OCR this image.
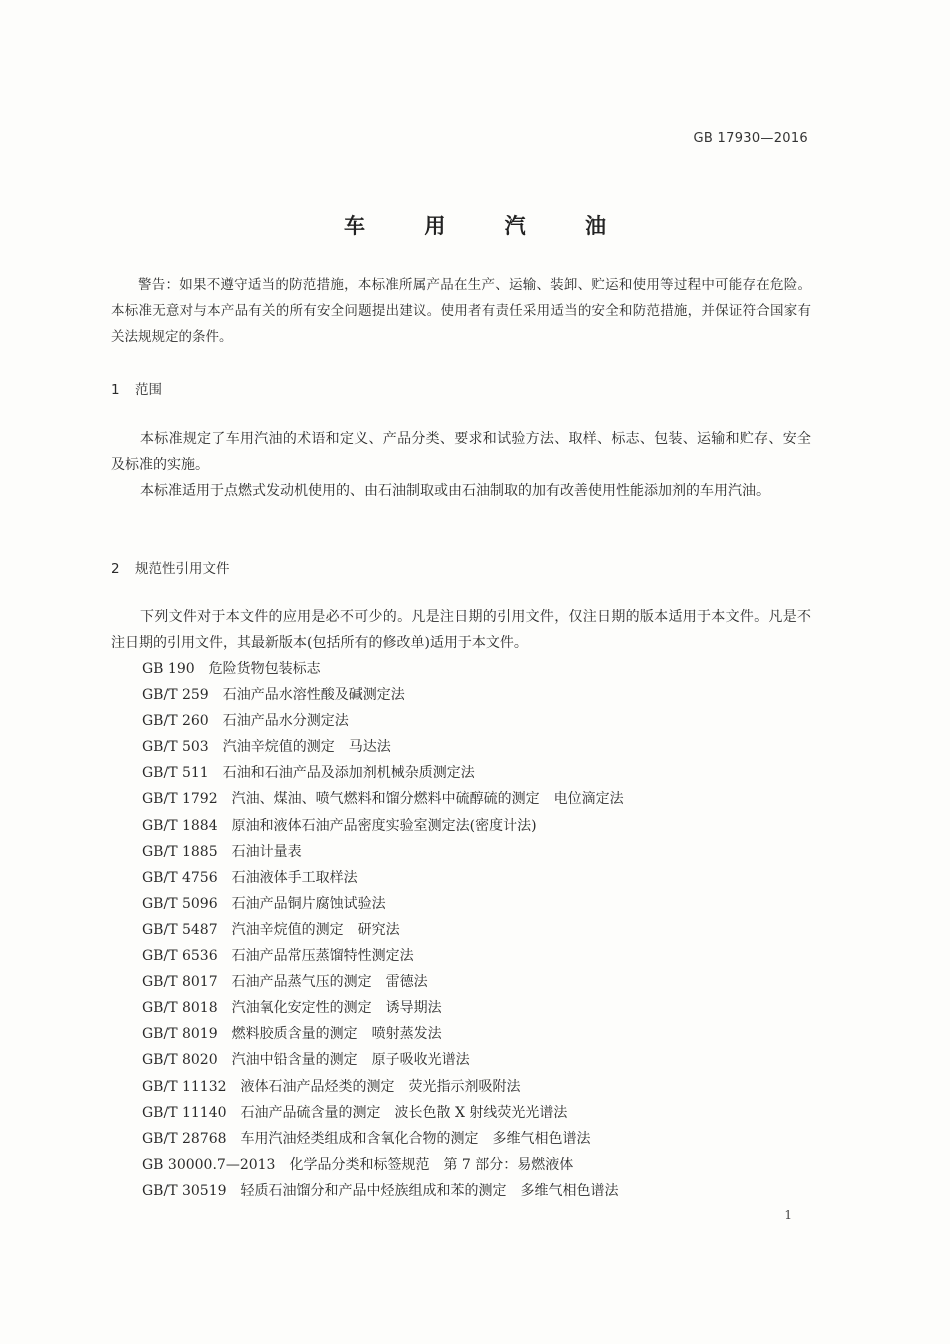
GB 17930—2016
车 用 汽 油
警告：如果不遵守适当的防范措施，本标准所属产品在生产、运输、装卸、贮运和使用等过程中可能存在危险。本标准无意对与本产品有关的所有安全问题提出建议。使用者有责任采用适当的安全和防范措施，并保证符合国家有关法规规定的条件。
1 范围

本标准规定了车用汽油的术语和定义、产品分类、要求和试验方法、取样、标志、包装、运输和贮存、安全及标准的实施。

本标准适用于点燃式发动机使用的、由石油制取或由石油制取的加有改善使用性能添加剂的车用汽油。

2 规范性引用文件

下列文件对于本文件的应用是必不可少的。凡是注日期的引用文件，仅注日期的版本适用于本文件。凡是不注日期的引用文件，其最新版本(包括所有的修改单)适用于本文件。

GB 190 危险货物包装标志
GB/T 259 石油产品水溶性酸及碱测定法
GB/T 260 石油产品水分测定法
GB/T 503 汽油辛烷值的测定　马达法
GB/T 511 石油和石油产品及添加剂机械杂质测定法
GB/T 1792 汽油、煤油、喷气燃料和馏分燃料中硫醇硫的测定　电位滴定法
GB/T 1884 原油和液体石油产品密度实验室测定法(密度计法)
GB/T 1885 石油计量表
GB/T 4756 石油液体手工取样法
GB/T 5096 石油产品铜片腐蚀试验法
GB/T 5487 汽油辛烷值的测定　研究法
GB/T 6536 石油产品常压蒸馏特性测定法
GB/T 8017 石油产品蒸气压的测定　雷德法
GB/T 8018 汽油氧化安定性的测定　诱导期法
GB/T 8019 燃料胶质含量的测定　喷射蒸发法
GB/T 8020 汽油中铅含量的测定　原子吸收光谱法
GB/T 11132 液体石油产品烃类的测定　荧光指示剂吸附法
GB/T 11140 石油产品硫含量的测定　波长色散 X 射线荧光光谱法
GB/T 28768 车用汽油烃类组成和含氧化合物的测定　多维气相色谱法
GB 30000.7—2013 化学品分类和标签规范　第 7 部分：易燃液体
GB/T 30519 轻质石油馏分和产品中烃族组成和苯的测定　多维气相色谱法
1
